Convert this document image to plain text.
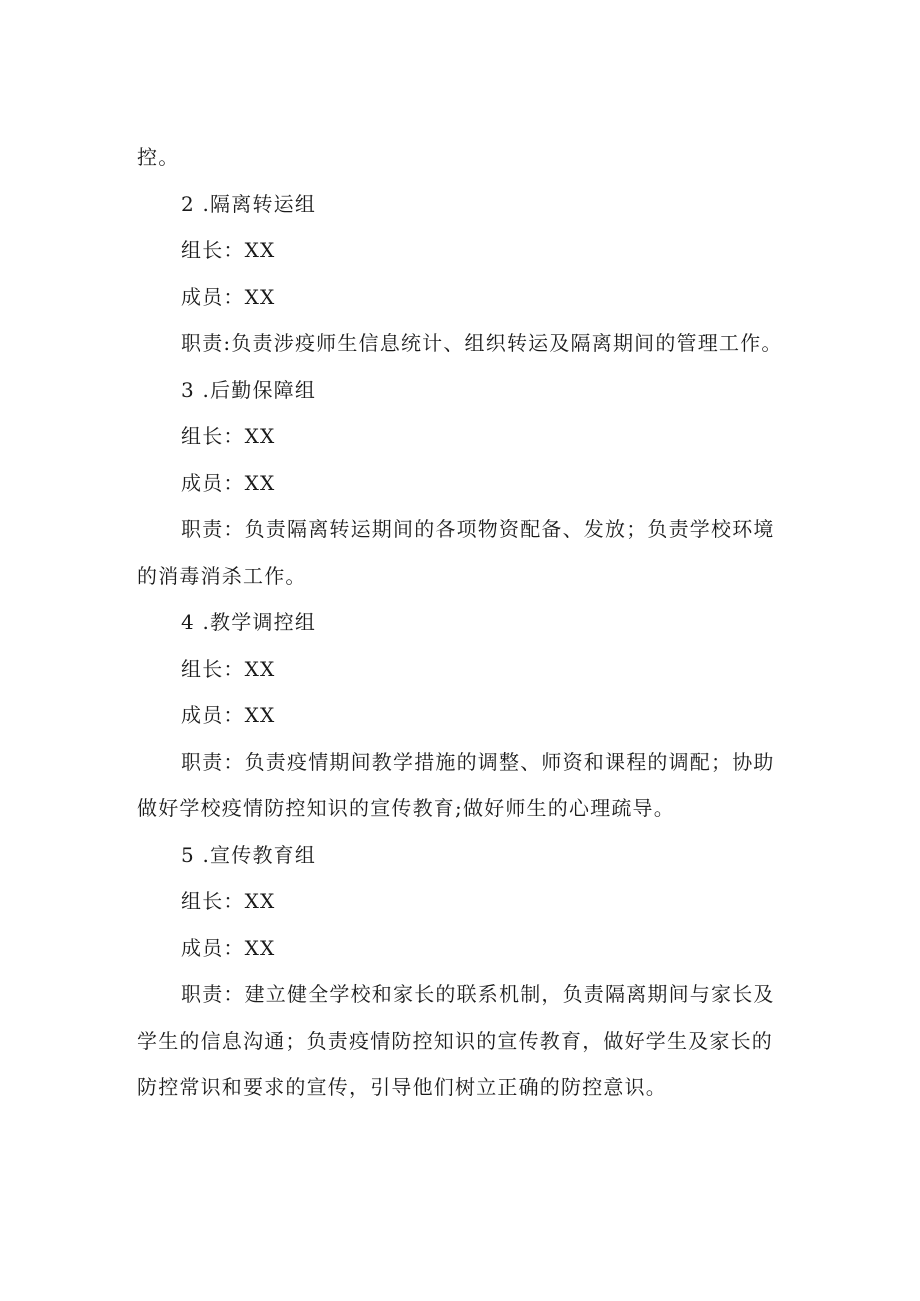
控。
2 .隔离转运组
组长：XX
成员：XX
职责:负责涉疫师生信息统计、组织转运及隔离期间的管理工作。
3 .后勤保障组
组长：XX
成员：XX
职责：负责隔离转运期间的各项物资配备、发放；负责学校环境
的消毒消杀工作。
4 .教学调控组
组长：XX
成员：XX
职责：负责疫情期间教学措施的调整、师资和课程的调配；协助
做好学校疫情防控知识的宣传教育;做好师生的心理疏导。
5 .宣传教育组
组长：XX
成员：XX
职责：建立健全学校和家长的联系机制，负责隔离期间与家长及
学生的信息沟通；负责疫情防控知识的宣传教育，做好学生及家长的
防控常识和要求的宣传，引导他们树立正确的防控意识。
